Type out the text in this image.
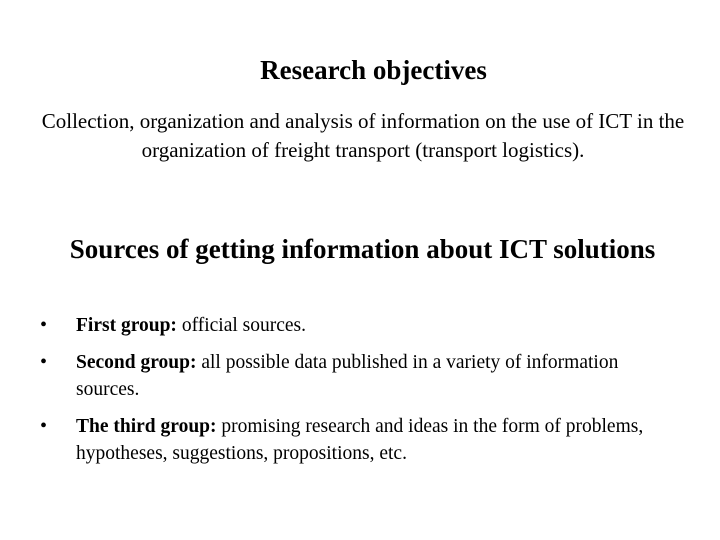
Research objectives

Collection, organization and analysis of information on the use of ICT in the organization of freight transport (transport logistics).

Sources of getting information about ICT solutions
• First group: official sources.
• Second group: all possible data published in a variety of information sources.
• The third group: promising research and ideas in the form of problems, hypotheses, suggestions, propositions, etc.
